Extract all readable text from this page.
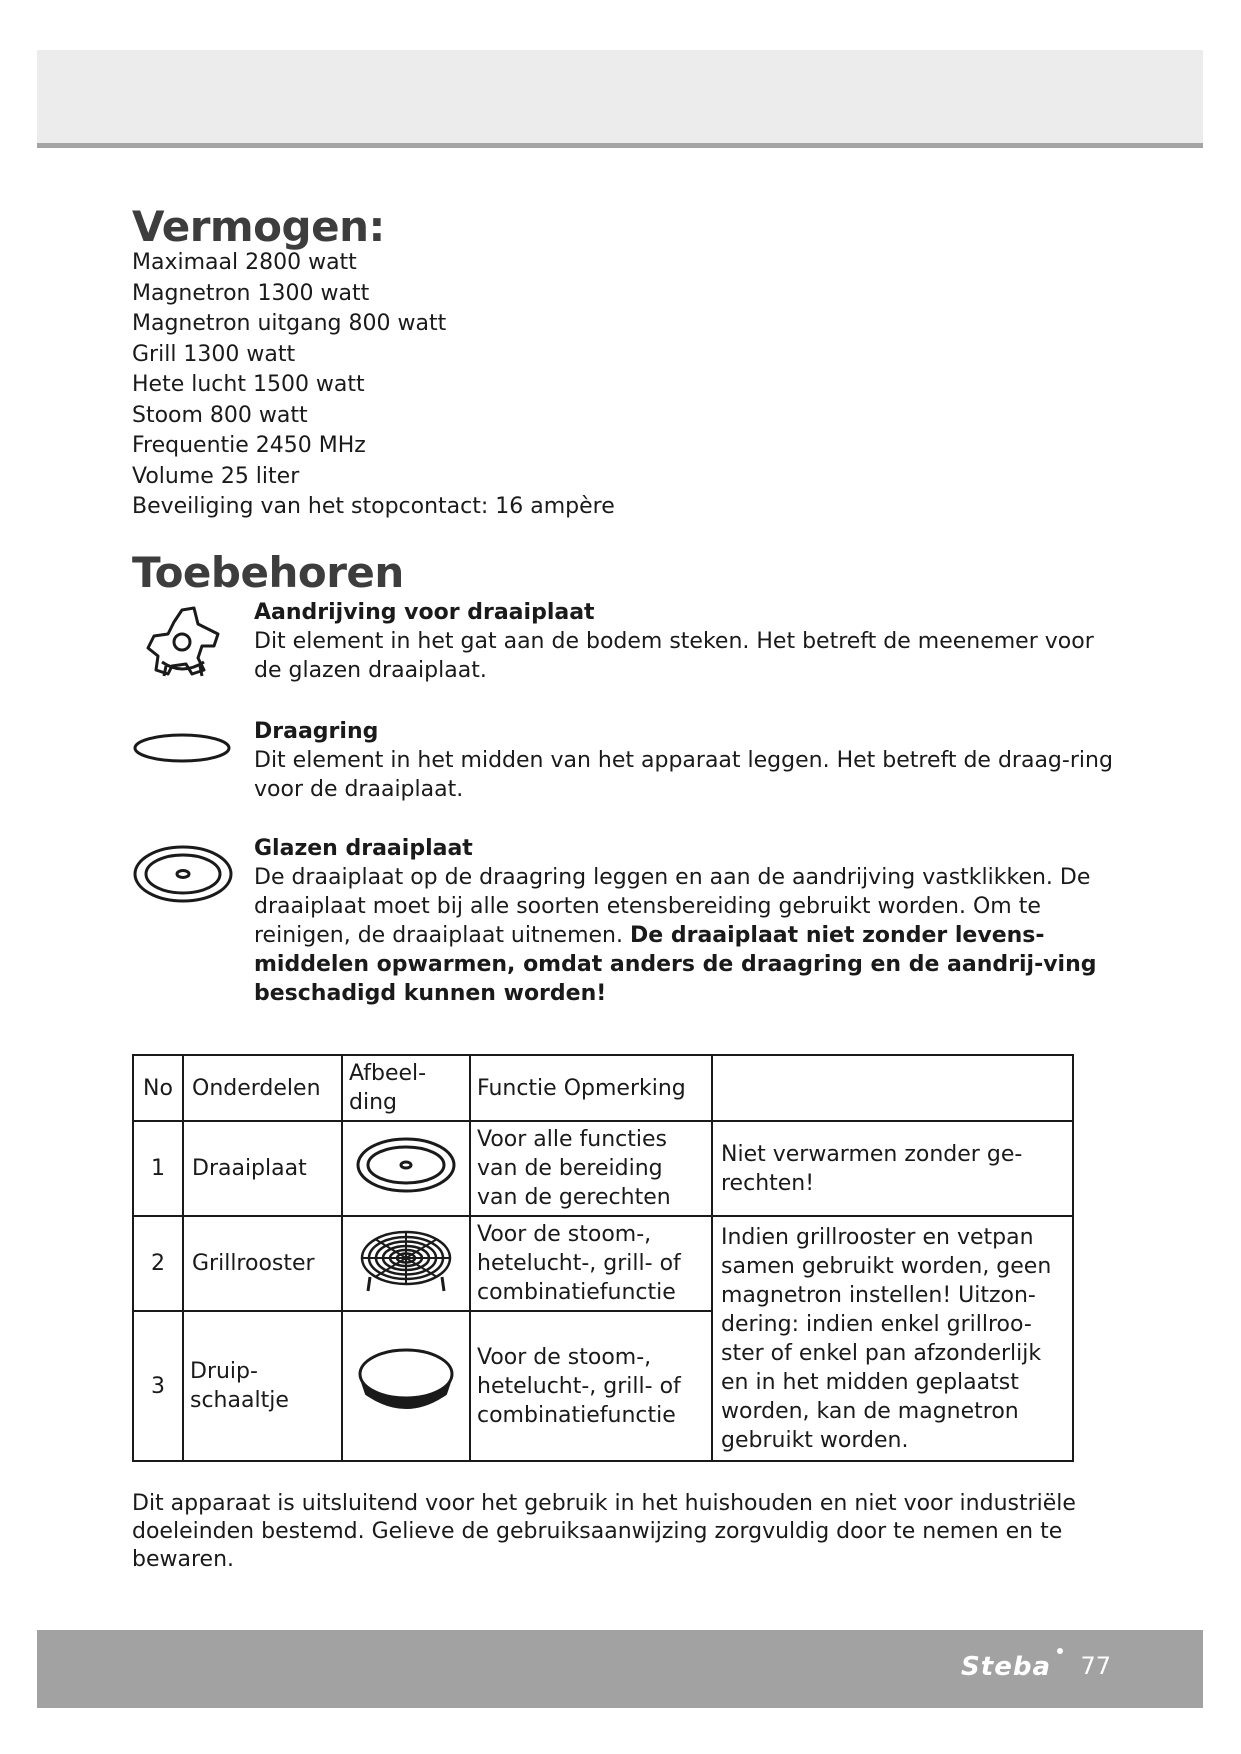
Vermogen:
Maximaal 2800 watt
Magnetron 1300 watt
Magnetron uitgang 800 watt
Grill 1300 watt
Hete lucht 1500 watt
Stoom 800 watt
Frequentie 2450 MHz
Volume 25 liter
Beveiliging van het stopcontact: 16 ampère
Toebehoren
Aandrijving voor draaiplaat
Dit element in het gat aan de bodem steken. Het betreft de meenemer voor de glazen draaiplaat.
Draagring
Dit element in het midden van het apparaat leggen. Het betreft de draag-ring voor de draaiplaat.
Glazen draaiplaat
De draaiplaat op de draagring leggen en aan de aandrijving vastklikken. De draaiplaat moet bij alle soorten etensbereiding gebruikt worden. Om te reinigen, de draaiplaat uitnemen. De draaiplaat niet zonder levens-middelen opwarmen, omdat anders de draagring en de aandrij-ving beschadigd kunnen worden!
No	Onderdelen	Afbeel-ding	Functie Opmerking	
1	Draaiplaat		Voor alle functies van de bereiding van de gerechten	Niet verwarmen zonder ge-rechten!
2	Grillrooster		Voor de stoom-, hetelucht-, grill- of combinatiefunctie	Indien grillrooster en vetpan samen gebruikt worden, geen magnetron instellen! Uitzon-dering: indien enkel grillroo-ster of enkel pan afzonderlijk en in het midden geplaatst worden, kan de magnetron gebruikt worden.
3	Druip-schaaltje		Voor de stoom-, hetelucht-, grill- of combinatiefunctie	
Dit apparaat is uitsluitend voor het gebruik in het huishouden en niet voor industriële doeleinden bestemd. Gelieve de gebruiksaanwijzing zorgvuldig door te nemen en te bewaren.
Steba 77
